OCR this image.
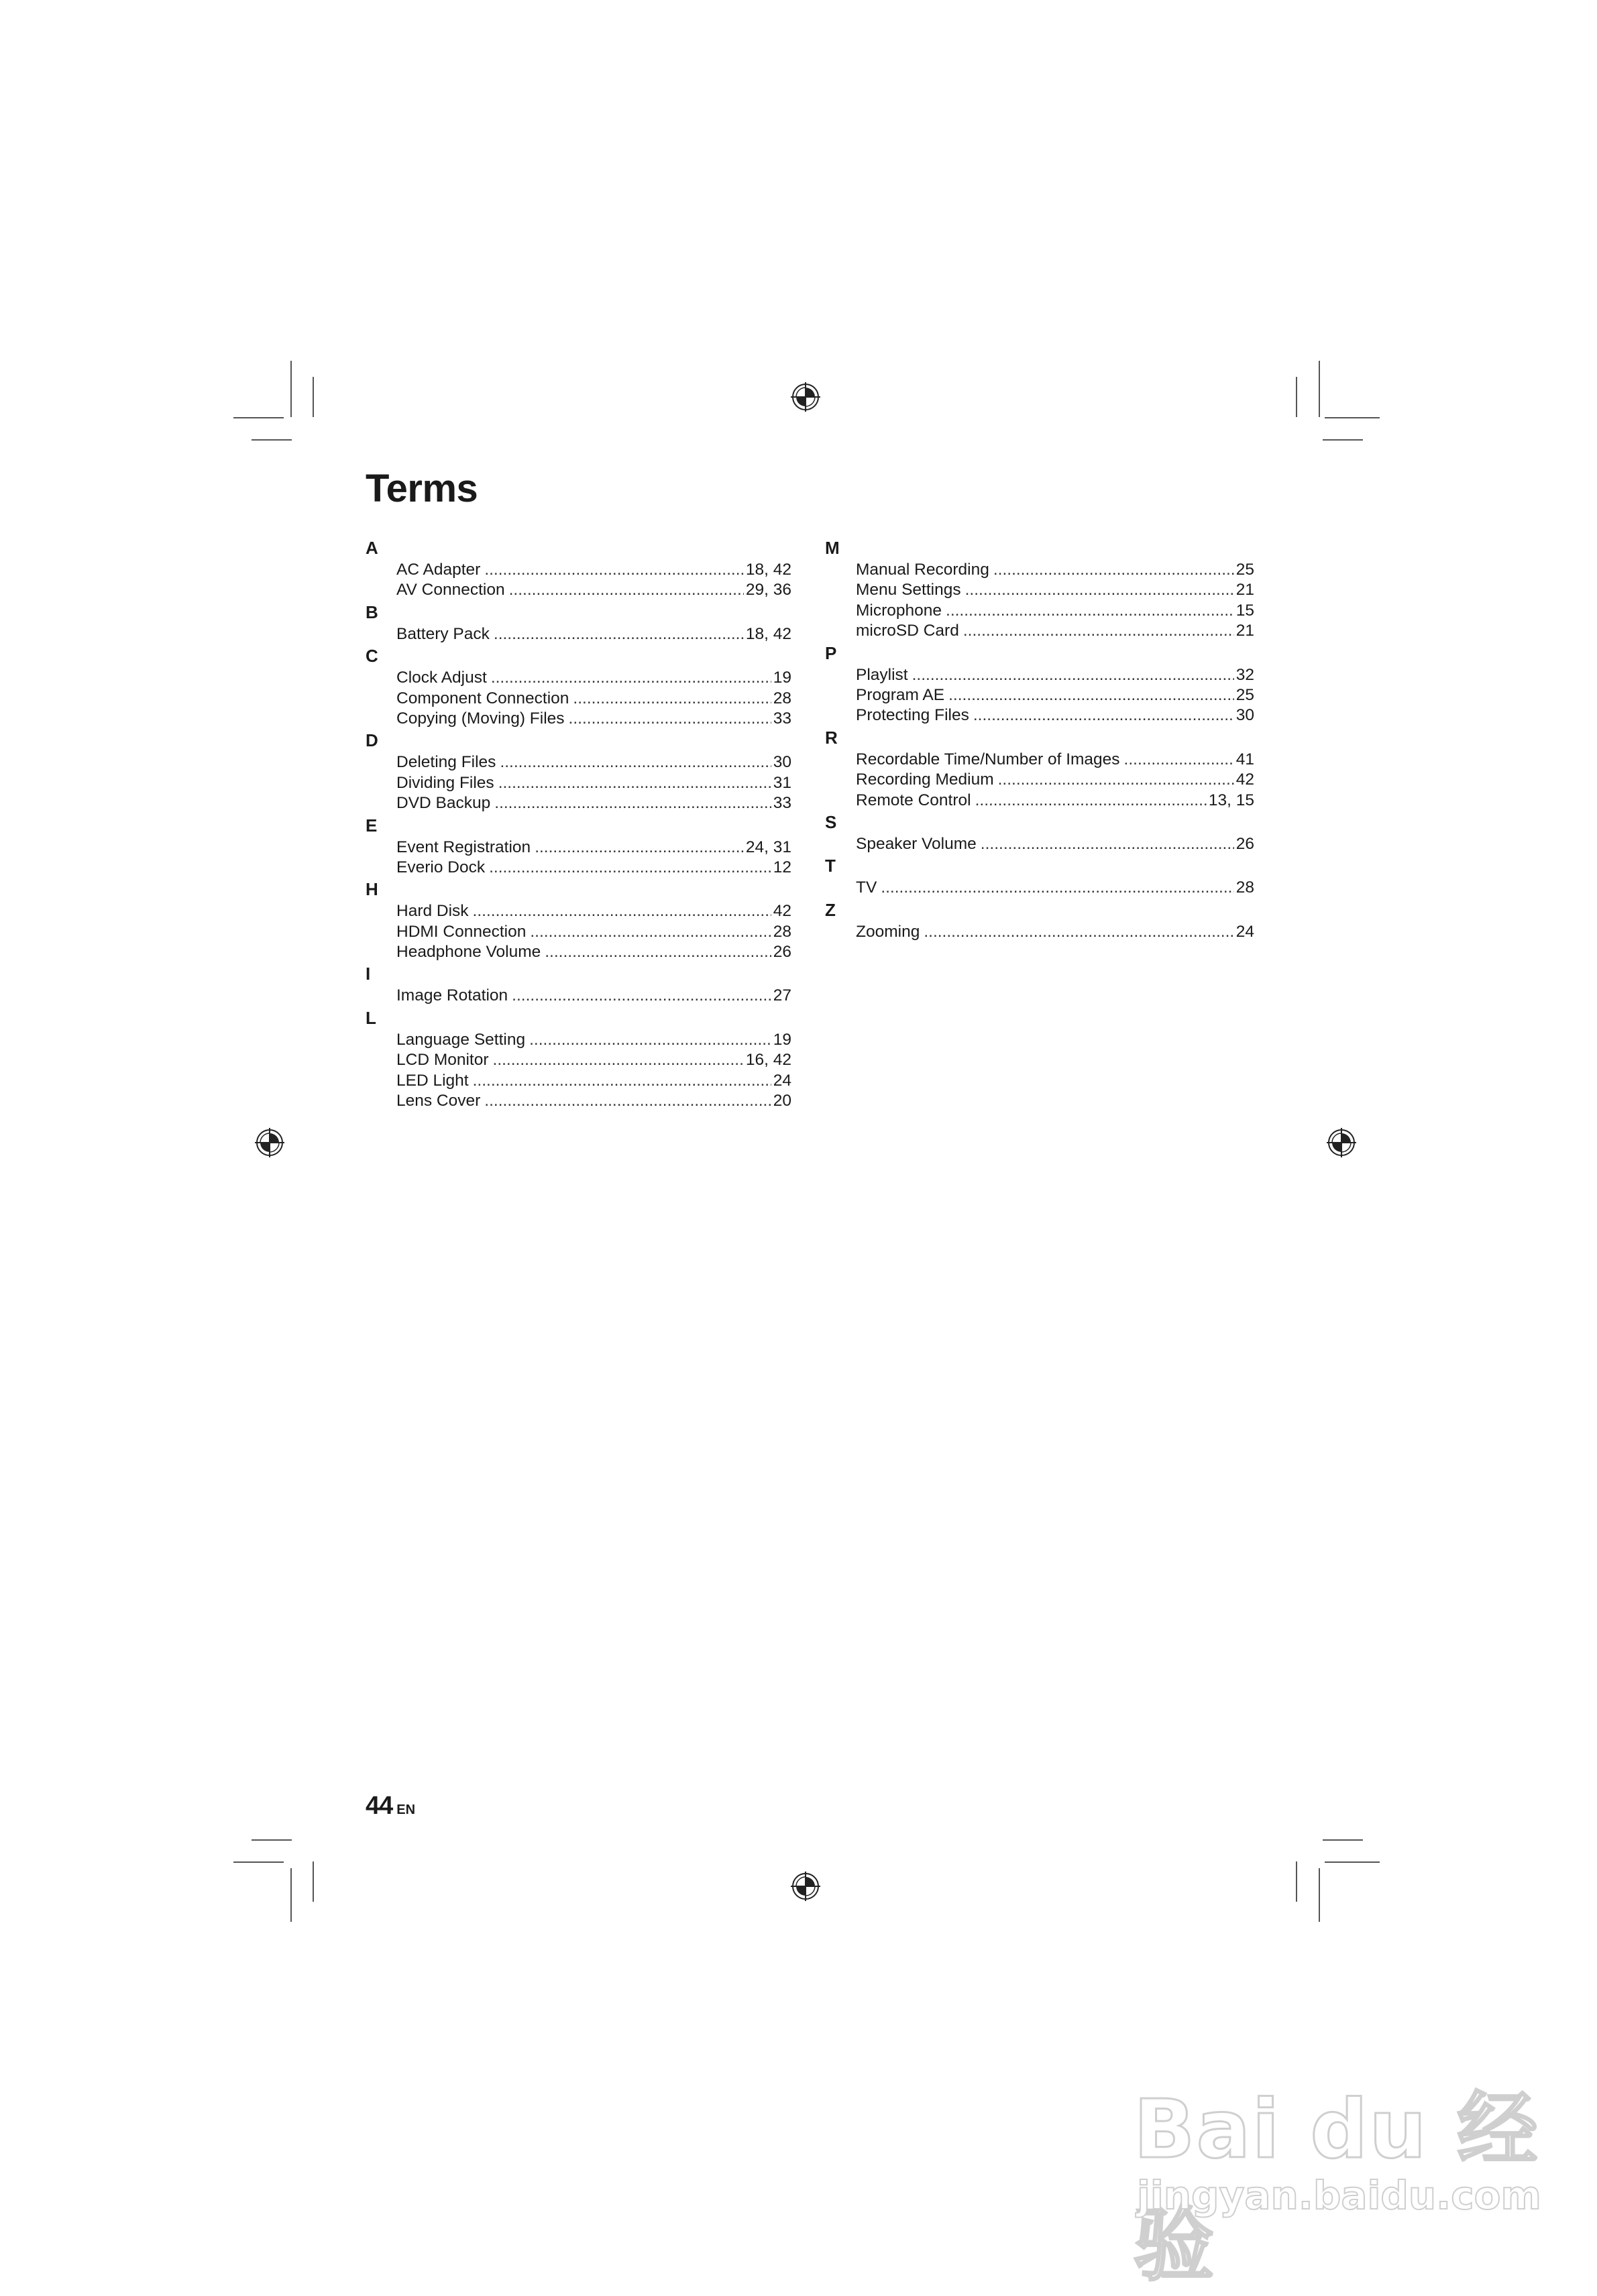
Terms
A
AC Adapter .....	18, 42
AV Connection .....	29, 36
B
Battery Pack .....	18, 42
C
Clock Adjust .....	19
Component Connection .....	28
Copying (Moving) Files .....	33
D
Deleting Files .....	30
Dividing Files .....	31
DVD Backup .....	33
E
Event Registration .....	24, 31
Everio Dock .....	12
H
Hard Disk .....	42
HDMI Connection .....	28
Headphone Volume .....	26
I
Image Rotation .....	27
L
Language Setting .....	19
LCD Monitor .....	16, 42
LED Light .....	24
Lens Cover .....	20
M
Manual Recording .....	25
Menu Settings .....	21
Microphone .....	15
microSD Card .....	21
P
Playlist .....	32
Program AE .....	25
Protecting Files .....	30
R
Recordable Time/Number of Images .....	41
Recording Medium .....	42
Remote Control .....	13, 15
S
Speaker Volume .....	26
T
TV .....	28
Z
Zooming .....	24
44 EN
Bai du 经验
jingyan.baidu.com
